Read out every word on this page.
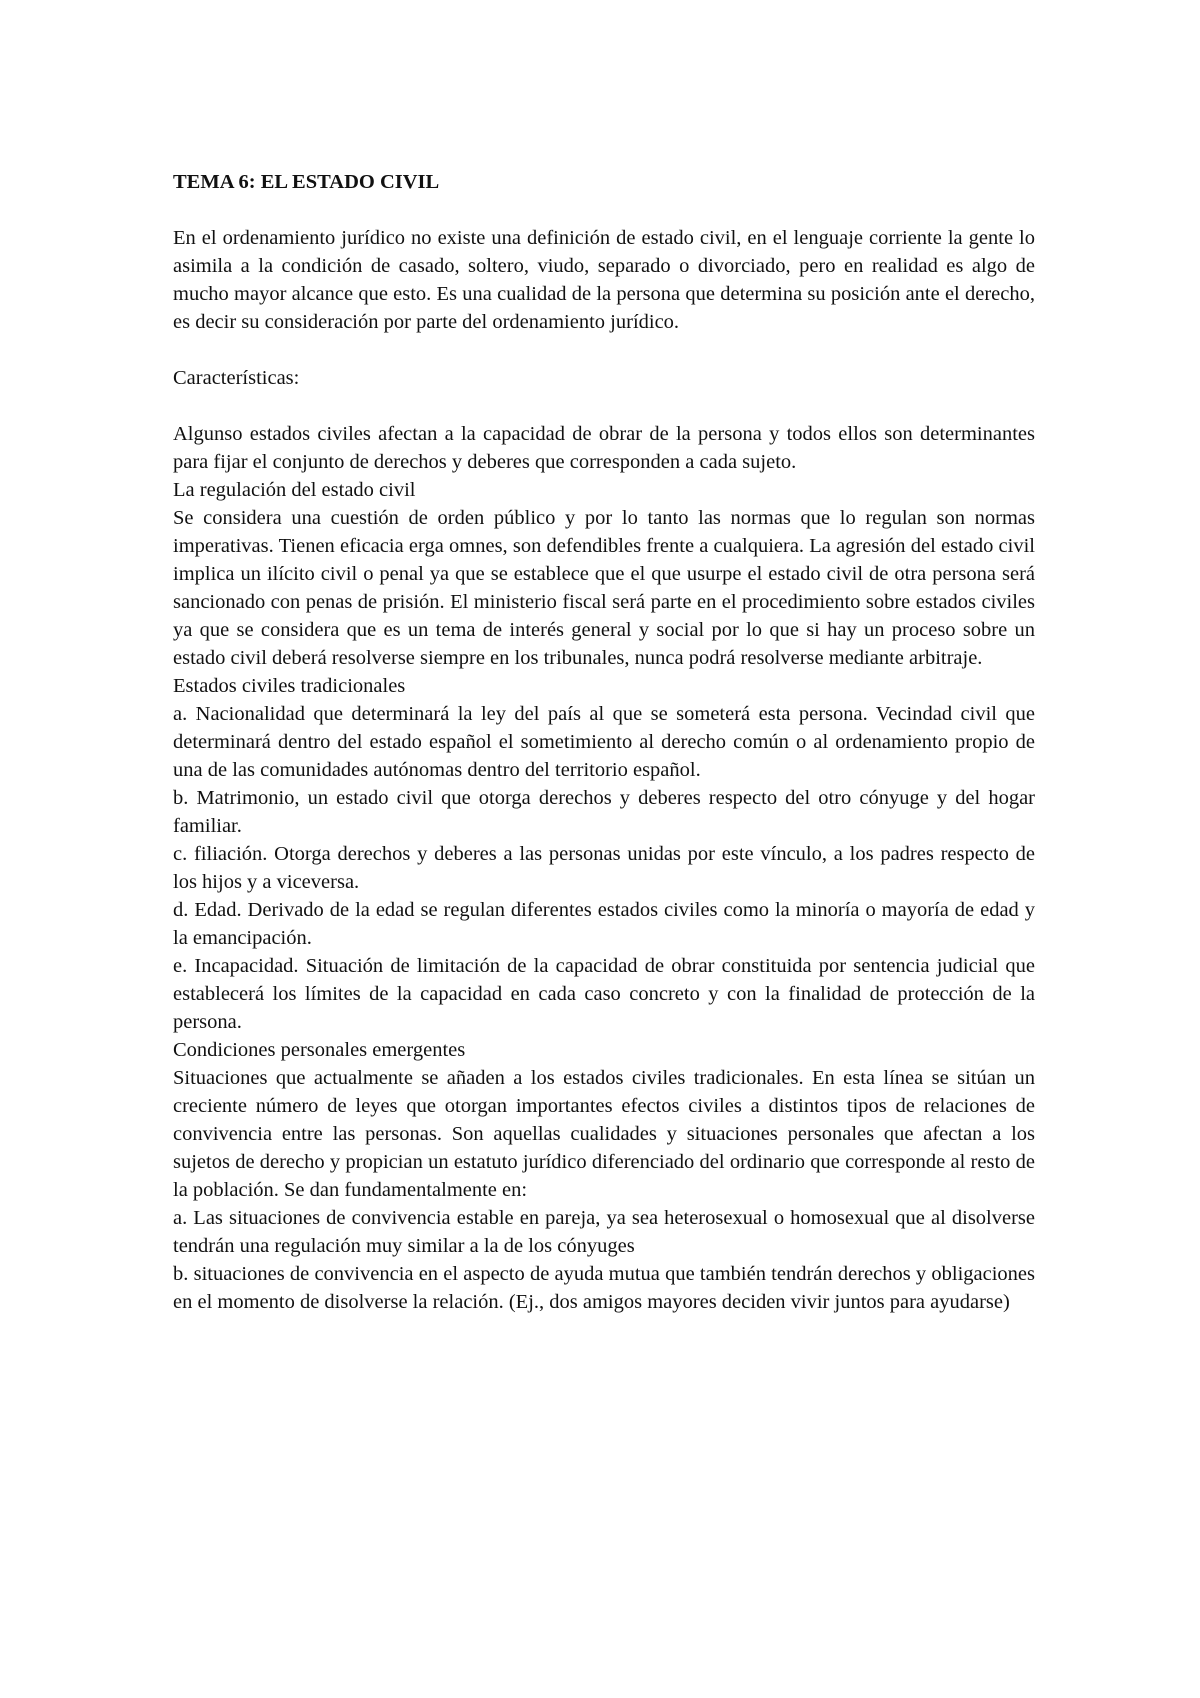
TEMA 6: EL ESTADO CIVIL

En el ordenamiento jurídico no existe una definición de estado civil, en el lenguaje corriente la gente lo asimila a la condición de casado, soltero, viudo, separado o divorciado, pero en realidad es algo de mucho mayor alcance que esto. Es una cualidad de la persona que determina su posición ante el derecho, es decir su consideración por parte del ordenamiento jurídico.

Características:

Algunso estados civiles afectan a la capacidad de obrar de la persona y todos ellos son determinantes para fijar el conjunto de derechos y deberes que corresponden a cada sujeto.

La regulación del estado civil

Se considera una cuestión de orden público y por lo tanto las normas que lo regulan son normas imperativas. Tienen eficacia erga omnes, son defendibles frente a cualquiera. La agresión del estado civil implica un ilícito civil o penal ya que se establece que el que usurpe el estado civil de otra persona será sancionado con penas de prisión. El ministerio fiscal será parte en el procedimiento sobre estados civiles ya que se considera que es un tema de interés general y social por lo que si hay un proceso sobre un estado civil deberá resolverse siempre en los tribunales, nunca podrá resolverse mediante arbitraje.

Estados civiles tradicionales

a. Nacionalidad que determinará la ley del país al que se someterá esta persona. Vecindad civil que determinará dentro del estado español el sometimiento al derecho común o al ordenamiento propio de una de las comunidades autónomas dentro del territorio español.

b. Matrimonio, un estado civil que otorga derechos y deberes respecto del otro cónyuge y del hogar familiar.

c. filiación. Otorga derechos y deberes a las personas unidas por este vínculo, a los padres respecto de los hijos y a viceversa.

d. Edad. Derivado de la edad se regulan diferentes estados civiles como la minoría o mayoría de edad y la emancipación.

e. Incapacidad. Situación de limitación de la capacidad de obrar constituida por sentencia judicial que establecerá los límites de la capacidad en cada caso concreto y con la finalidad de protección de la persona.

Condiciones personales emergentes

Situaciones que actualmente se añaden a los estados civiles tradicionales. En esta línea se sitúan un creciente número de leyes que otorgan importantes efectos civiles a distintos tipos de relaciones de convivencia entre las personas. Son aquellas cualidades y situaciones personales que afectan a los sujetos de derecho y propician un estatuto jurídico diferenciado del ordinario que corresponde al resto de la población. Se dan fundamentalmente en:

a. Las situaciones de convivencia estable en pareja, ya sea heterosexual o homosexual que al disolverse tendrán una regulación muy similar a la de los cónyuges

b. situaciones de convivencia en el aspecto de ayuda mutua que también tendrán derechos y obligaciones en el momento de disolverse la relación. (Ej., dos amigos mayores deciden vivir juntos para ayudarse)
